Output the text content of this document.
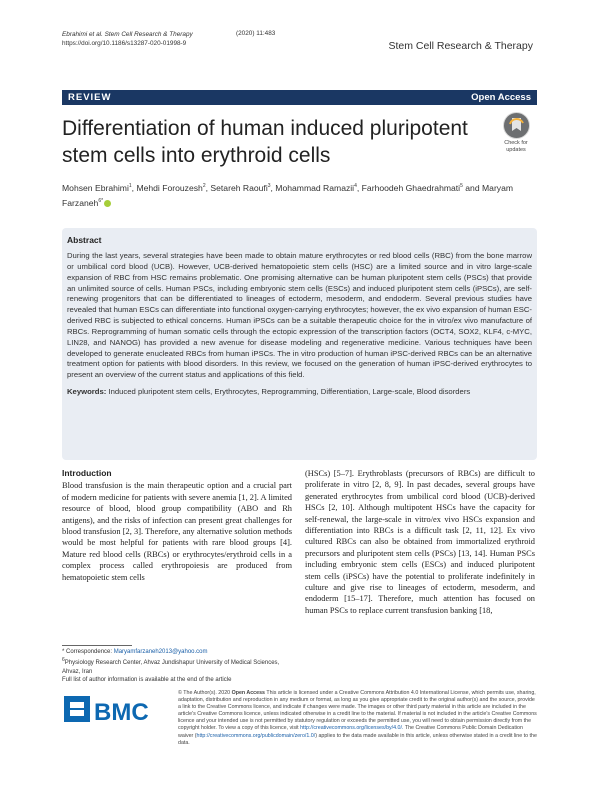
Ebrahimi et al. Stem Cell Research & Therapy
https://doi.org/10.1186/s13287-020-01998-9
(2020) 11:483
Stem Cell Research & Therapy
REVIEW	Open Access
Differentiation of human induced pluripotent stem cells into erythroid cells
Check for
updates
Mohsen Ebrahimi$^1$, Mehdi Forouzesh$^2$, Setareh Raoufi$^3$, Mohammad Ramazii$^4$, Farhoodeh Ghaedrahmati$^5$ and Maryam Farzaneh$^{6*}$
Abstract
During the last years, several strategies have been made to obtain mature erythrocytes or red blood cells (RBC) from the bone marrow or umbilical cord blood (UCB). However, UCB-derived hematopoietic stem cells (HSC) are a limited source and in vitro large-scale expansion of RBC from HSC remains problematic. One promising alternative can be human pluripotent stem cells (PSCs) that provide an unlimited source of cells. Human PSCs, including embryonic stem cells (ESCs) and induced pluripotent stem cells (iPSCs), are self-renewing progenitors that can be differentiated to lineages of ectoderm, mesoderm, and endoderm. Several previous studies have revealed that human ESCs can differentiate into functional oxygen-carrying erythrocytes; however, the ex vivo expansion of human ESC-derived RBC is subjected to ethical concerns. Human iPSCs can be a suitable therapeutic choice for the in vitro/ex vivo manufacture of RBCs. Reprogramming of human somatic cells through the ectopic expression of the transcription factors (OCT4, SOX2, KLF4, c-MYC, LIN28, and NANOG) has provided a new avenue for disease modeling and regenerative medicine. Various techniques have been developed to generate enucleated RBCs from human iPSCs. The in vitro production of human iPSC-derived RBCs can be an alternative treatment option for patients with blood disorders. In this review, we focused on the generation of human iPSC-derived erythrocytes to present an overview of the current status and applications of this field.
Keywords: Induced pluripotent stem cells, Erythrocytes, Reprogramming, Differentiation, Large-scale, Blood disorders
Introduction
Blood transfusion is the main therapeutic option and a crucial part of modern medicine for patients with severe anemia [1, 2]. A limited resource of blood, blood group compatibility (ABO and Rh antigens), and the risks of infection can present great challenges for blood transfusion [2, 3]. Therefore, any alternative solution methods would be most helpful for patients with rare blood groups [4]. Mature red blood cells (RBCs) or erythrocytes/erythroid cells in a complex process called erythropoiesis are produced from hematopoietic stem cells
(HSCs) [5–7]. Erythroblasts (precursors of RBCs) are difficult to proliferate in vitro [2, 8, 9]. In past decades, several groups have generated erythrocytes from umbilical cord blood (UCB)-derived HSCs [2, 10]. Although multipotent HSCs have the capacity for self-renewal, the large-scale in vitro/ex vivo HSCs expansion and differentiation into RBCs is a difficult task [2, 11, 12]. Ex vivo cultured RBCs can also be obtained from immortalized erythroid precursors and pluripotent stem cells (PSCs) [13, 14]. Human PSCs including embryonic stem cells (ESCs) and induced pluripotent stem cells (iPSCs) have the potential to proliferate indefinitely in culture and give rise to lineages of ectoderm, mesoderm, and endoderm [15–17]. Therefore, much attention has focused on human PSCs to replace current transfusion banking [18,
* Correspondence: Maryamfarzaneh2013@yahoo.com
$^6$Physiology Research Center, Ahvaz Jundishapur University of Medical Sciences, Ahvaz, Iran
Full list of author information is available at the end of the article
BMC
© The Author(s). 2020 Open Access This article is licensed under a Creative Commons Attribution 4.0 International License, which permits use, sharing, adaptation, distribution and reproduction in any medium or format, as long as you give appropriate credit to the original author(s) and the source, provide a link to the Creative Commons licence, and indicate if changes were made. The images or other third party material in this article are included in the article's Creative Commons licence, unless indicated otherwise in a credit line to the material. If material is not included in the article's Creative Commons licence and your intended use is not permitted by statutory regulation or exceeds the permitted use, you will need to obtain permission directly from the copyright holder. To view a copy of this licence, visit http://creativecommons.org/licenses/by/4.0/. The Creative Commons Public Domain Dedication waiver (http://creativecommons.org/publicdomain/zero/1.0/) applies to the data made available in this article, unless otherwise stated in a credit line to the data.
